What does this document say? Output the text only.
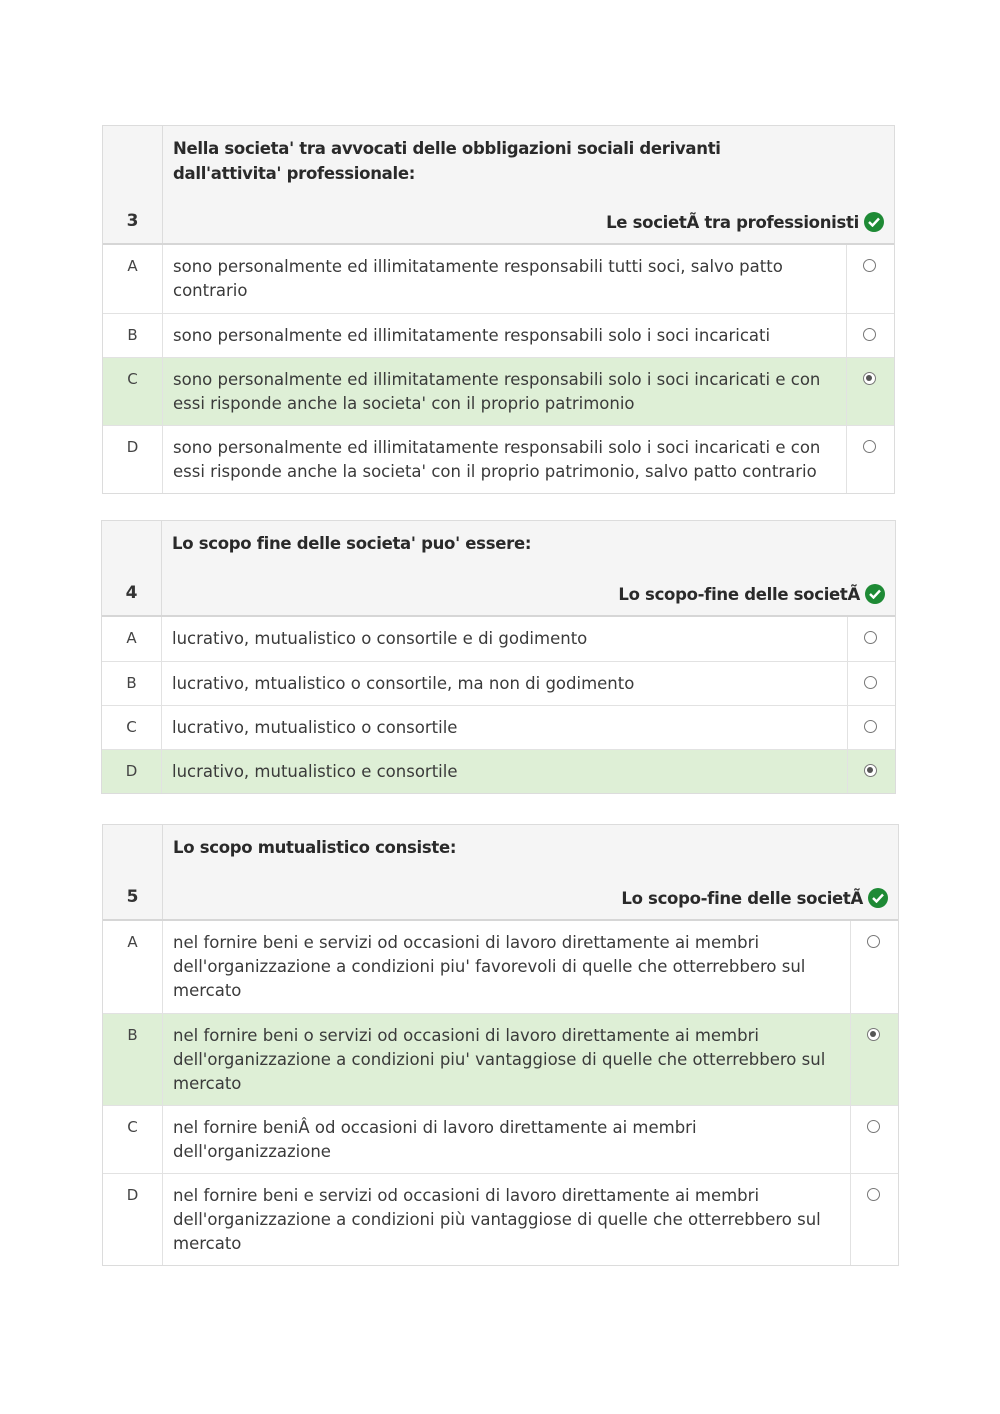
3
Nella societa' tra avvocati delle obbligazioni sociali derivanti dall'attivita' professionale:
Le societÃ tra professionisti
A	sono personalmente ed illimitatamente responsabili tutti soci, salvo patto contrario
B	sono personalmente ed illimitatamente responsabili solo i soci incaricati
C	sono personalmente ed illimitatamente responsabili solo i soci incaricati e con essi risponde anche la societa' con il proprio patrimonio
D	sono personalmente ed illimitatamente responsabili solo i soci incaricati e con essi risponde anche la societa' con il proprio patrimonio, salvo patto contrario
4
Lo scopo fine delle societa' puo' essere:
Lo scopo-fine delle societÃ
A	lucrativo, mutualistico o consortile e di godimento
B	lucrativo, mtualistico o consortile, ma non di godimento
C	lucrativo, mutualistico o consortile
D	lucrativo, mutualistico e consortile
5
Lo scopo mutualistico consiste:
Lo scopo-fine delle societÃ
A	nel fornire beni e servizi od occasioni di lavoro direttamente ai membri dell'organizzazione a condizioni piu' favorevoli di quelle che otterrebbero sul mercato
B	nel fornire beni o servizi od occasioni di lavoro direttamente ai membri dell'organizzazione a condizioni piu' vantaggiose di quelle che otterrebbero sul mercato
C	nel fornire beniÂ od occasioni di lavoro direttamente ai membri dell'organizzazione
D	nel fornire beni e servizi od occasioni di lavoro direttamente ai membri dell'organizzazione a condizioni più vantaggiose di quelle che otterrebbero sul mercato
